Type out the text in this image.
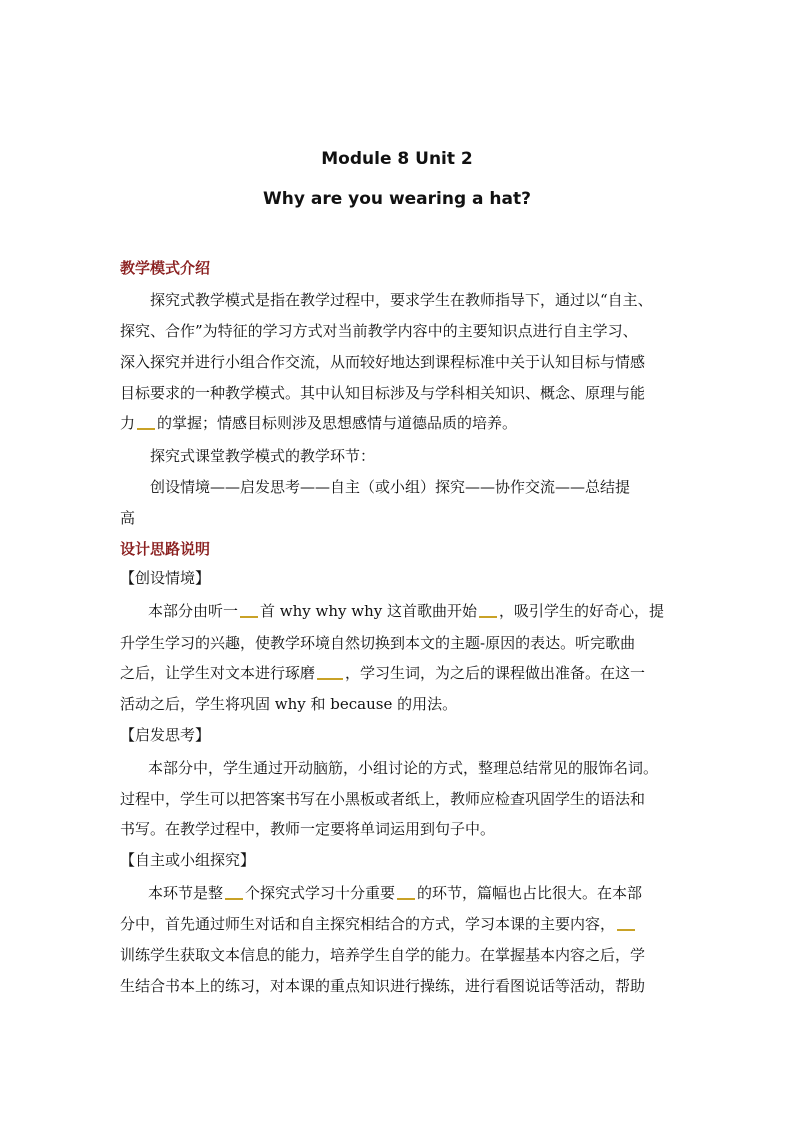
Module 8 Unit 2
Why are you wearing a hat?
教学模式介绍
探究式教学模式是指在教学过程中，要求学生在教师指导下，通过以“自主、
探究、合作”为特征的学习方式对当前教学内容中的主要知识点进行自主学习、
深入探究并进行小组合作交流，从而较好地达到课程标准中关于认知目标与情感
目标要求的一种教学模式。其中认知目标涉及与学科相关知识、概念、原理与能
力 的掌握；情感目标则涉及思想感情与道德品质的培养。
探究式课堂教学模式的教学环节：
创设情境——启发思考——自主（或小组）探究——协作交流——总结提
高
设计思路说明
【创设情境】
本部分由听一 首 why why why 这首歌曲开始 ，吸引学生的好奇心，提
升学生学习的兴趣，使教学环境自然切换到本文的主题-原因的表达。听完歌曲
之后，让学生对文本进行琢磨 ，学习生词，为之后的课程做出准备。在这一
活动之后，学生将巩固 why 和 because 的用法。
【启发思考】
本部分中，学生通过开动脑筋，小组讨论的方式，整理总结常见的服饰名词。
过程中，学生可以把答案书写在小黑板或者纸上，教师应检查巩固学生的语法和
书写。在教学过程中，教师一定要将单词运用到句子中。
【自主或小组探究】
本环节是整 个探究式学习十分重要 的环节，篇幅也占比很大。在本部
分中，首先通过师生对话和自主探究相结合的方式，学习本课的主要内容，
训练学生获取文本信息的能力，培养学生自学的能力。在掌握基本内容之后，学
生结合书本上的练习，对本课的重点知识进行操练，进行看图说话等活动，帮助
